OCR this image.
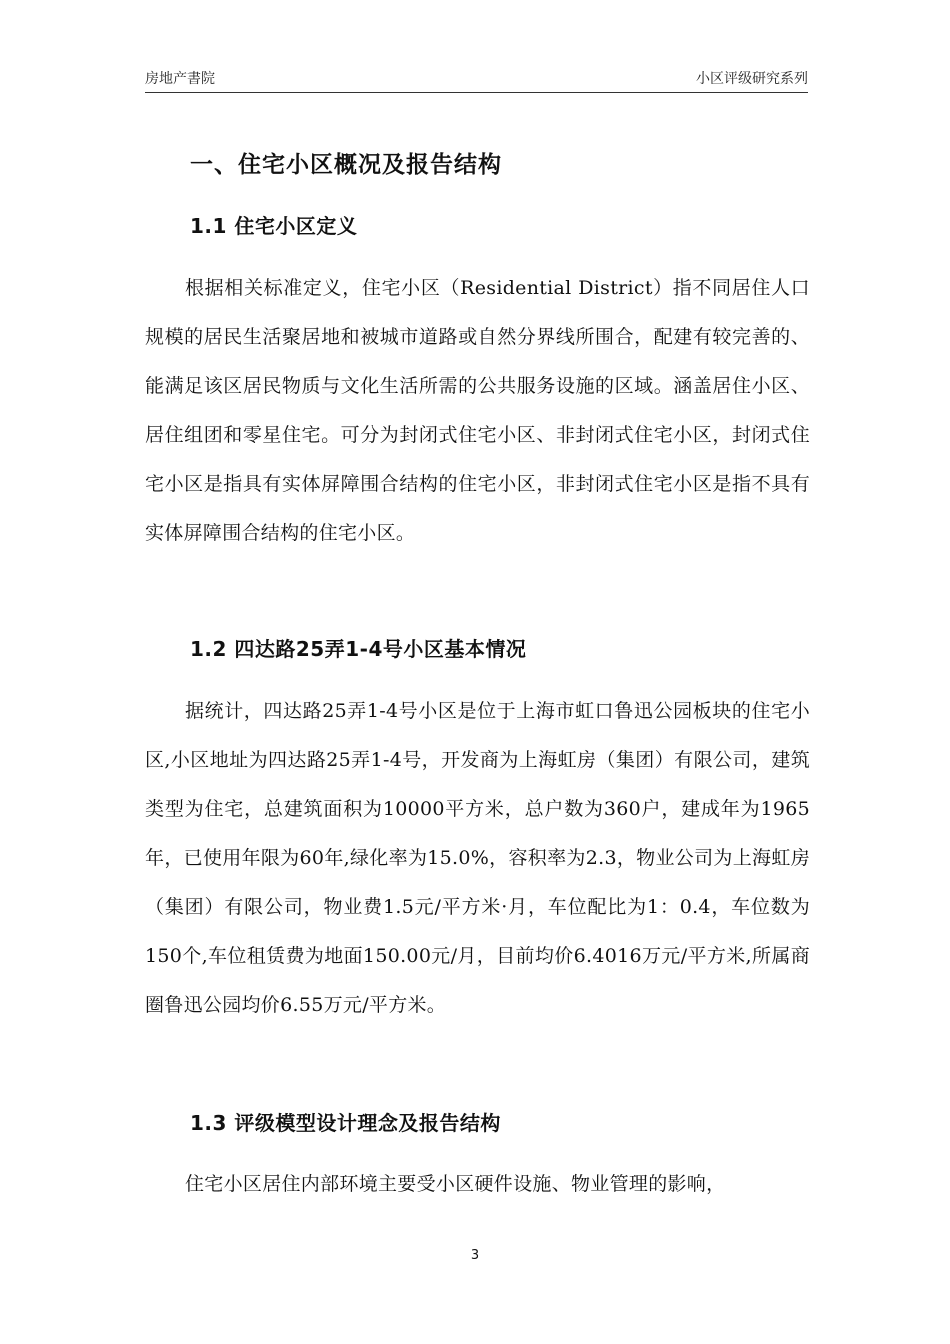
房地产書院	小区评级研究系列
一、住宅小区概况及报告结构
1.1 住宅小区定义

根据相关标准定义，住宅小区（Residential District）指不同居住人口规模的居民生活聚居地和被城市道路或自然分界线所围合，配建有较完善的、能满足该区居民物质与文化生活所需的公共服务设施的区域。涵盖居住小区、居住组团和零星住宅。可分为封闭式住宅小区、非封闭式住宅小区，封闭式住宅小区是指具有实体屏障围合结构的住宅小区，非封闭式住宅小区是指不具有实体屏障围合结构的住宅小区。

1.2 四达路25弄1-4号小区基本情况

据统计，四达路25弄1-4号小区是位于上海市虹口鲁迅公园板块的住宅小区,小区地址为四达路25弄1-4号，开发商为上海虹房（集团）有限公司，建筑类型为住宅，总建筑面积为10000平方米，总户数为360户，建成年为1965年，已使用年限为60年,绿化率为15.0%，容积率为2.3，物业公司为上海虹房（集团）有限公司，物业费1.5元/平方米·月，车位配比为1：0.4，车位数为150个,车位租赁费为地面150.00元/月，目前均价6.4016万元/平方米,所属商圈鲁迅公园均价6.55万元/平方米。

1.3 评级模型设计理念及报告结构

住宅小区居住内部环境主要受小区硬件设施、物业管理的影响，

3
